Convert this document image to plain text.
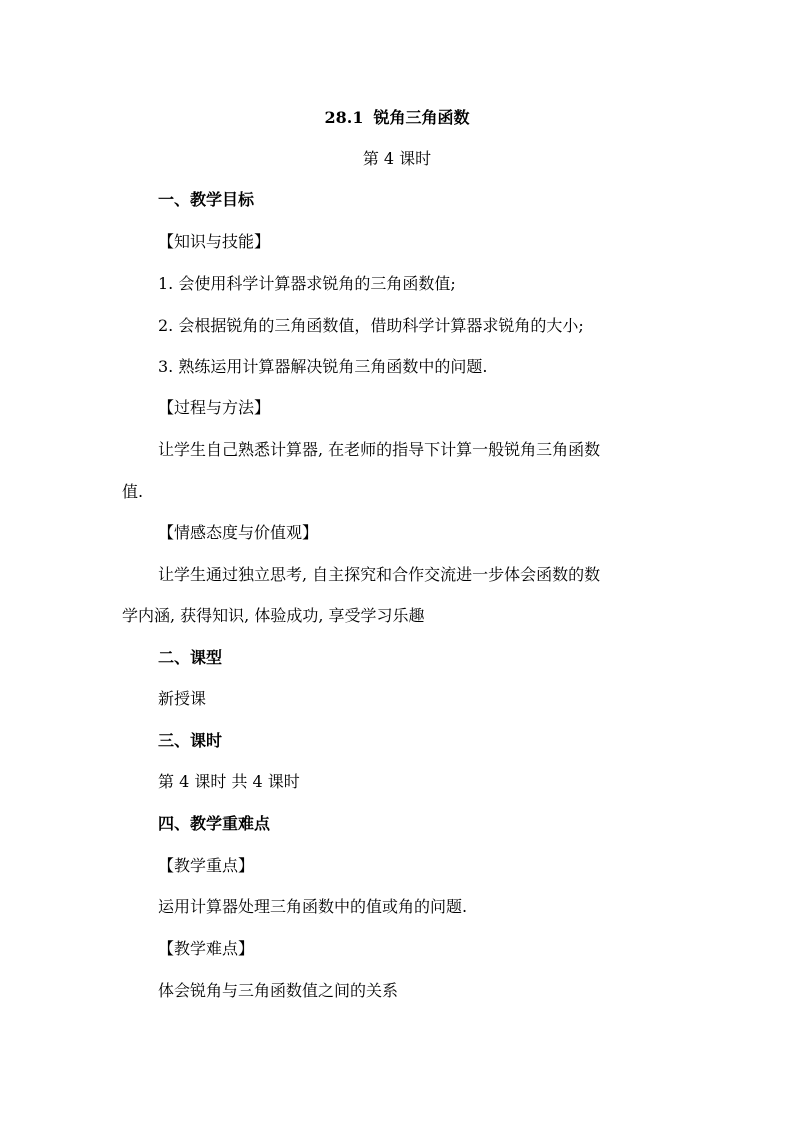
28.1 锐角三角函数
第 4 课时
一、教学目标
【知识与技能】
1. 会使用科学计算器求锐角的三角函数值;
2. 会根据锐角的三角函数值，借助科学计算器求锐角的大小;
3. 熟练运用计算器解决锐角三角函数中的问题.
【过程与方法】
让学生自己熟悉计算器, 在老师的指导下计算一般锐角三角函数
值.
【情感态度与价值观】
让学生通过独立思考, 自主探究和合作交流进一步体会函数的数
学内涵, 获得知识, 体验成功, 享受学习乐趣
二、课型
新授课
三、课时
第 4 课时 共 4 课时
四、教学重难点
【教学重点】
运用计算器处理三角函数中的值或角的问题.
【教学难点】
体会锐角与三角函数值之间的关系
